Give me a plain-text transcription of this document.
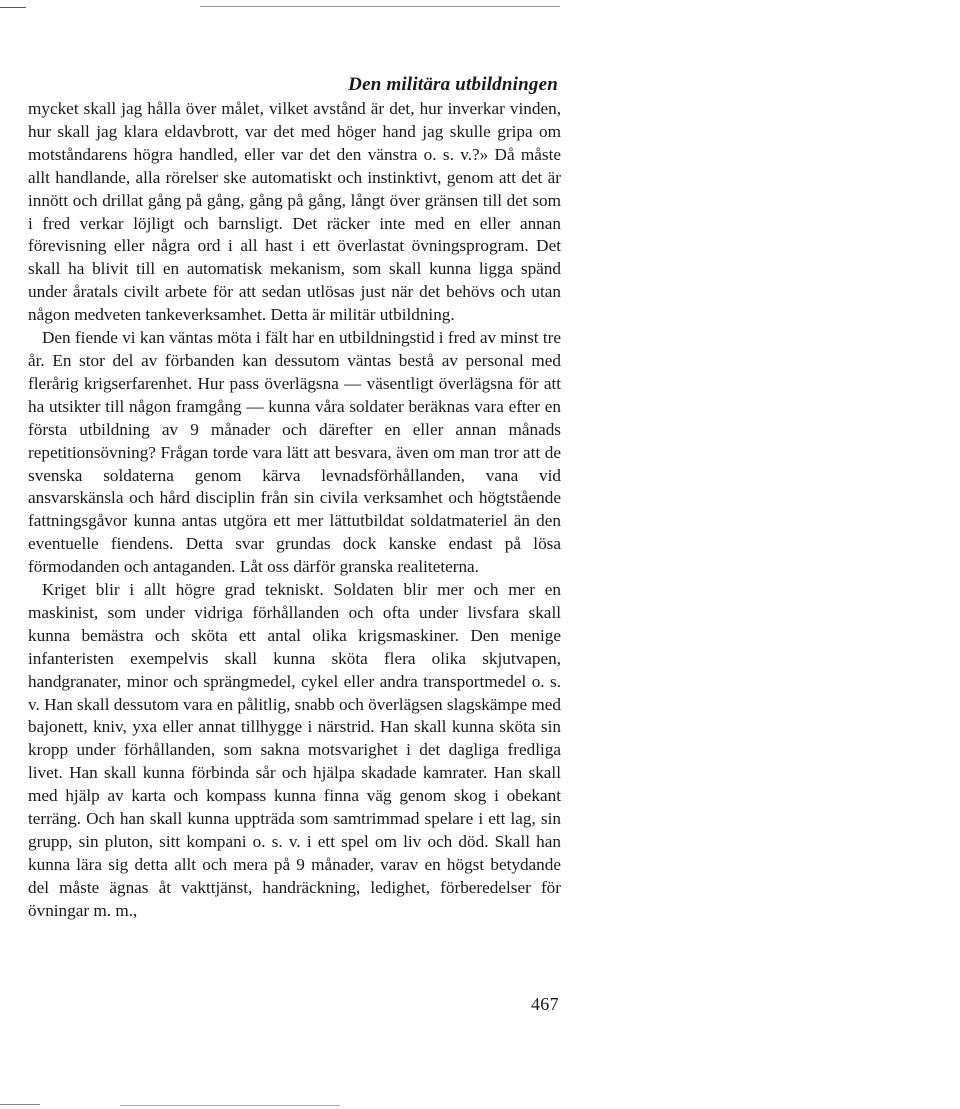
Den militära utbildningen

mycket skall jag hålla över målet, vilket avstånd är det, hur inverkar vinden, hur skall jag klara eldavbrott, var det med höger hand jag skulle gripa om motståndarens högra handled, eller var det den vänstra o. s. v.?» Då måste allt handlande, alla rörelser ske automatiskt och instinktivt, genom att det är innött och drillat gång på gång, gång på gång, långt över gränsen till det som i fred verkar löjligt och barnsligt. Det räcker inte med en eller annan förevisning eller några ord i all hast i ett överlastat övningsprogram. Det skall ha blivit till en automatisk mekanism, som skall kunna ligga spänd under åratals civilt arbete för att sedan utlösas just när det behövs och utan någon medveten tankeverksamhet. Detta är militär utbildning.

Den fiende vi kan väntas möta i fält har en utbildningstid i fred av minst tre år. En stor del av förbanden kan dessutom väntas bestå av personal med flerårig krigserfarenhet. Hur pass överlägsna — väsentligt överlägsna för att ha utsikter till någon framgång — kunna våra soldater beräknas vara efter en första utbildning av 9 månader och därefter en eller annan månads repetitionsövning? Frågan torde vara lätt att besvara, även om man tror att de svenska soldaterna genom kärva levnadsförhållanden, vana vid ansvarskänsla och hård disciplin från sin civila verksamhet och högtstående fattningsgåvor kunna antas utgöra ett mer lättutbildat soldatmateriel än den eventuelle fiendens. Detta svar grundas dock kanske endast på lösa förmodanden och antaganden. Låt oss därför granska realiteterna.

Kriget blir i allt högre grad tekniskt. Soldaten blir mer och mer en maskinist, som under vidriga förhållanden och ofta under livsfara skall kunna bemästra och sköta ett antal olika krigsmaskiner. Den menige infanteristen exempelvis skall kunna sköta flera olika skjutvapen, handgranater, minor och sprängmedel, cykel eller andra transportmedel o. s. v. Han skall dessutom vara en pålitlig, snabb och överlägsen slagskämpe med bajonett, kniv, yxa eller annat tillhygge i närstrid. Han skall kunna sköta sin kropp under förhållanden, som sakna motsvarighet i det dagliga fredliga livet. Han skall kunna förbinda sår och hjälpa skadade kamrater. Han skall med hjälp av karta och kompass kunna finna väg genom skog i obekant terräng. Och han skall kunna uppträda som samtrimmad spelare i ett lag, sin grupp, sin pluton, sitt kompani o. s. v. i ett spel om liv och död. Skall han kunna lära sig detta allt och mera på 9 månader, varav en högst betydande del måste ägnas åt vakttjänst, handräckning, ledighet, förberedelser för övningar m. m.,

467
